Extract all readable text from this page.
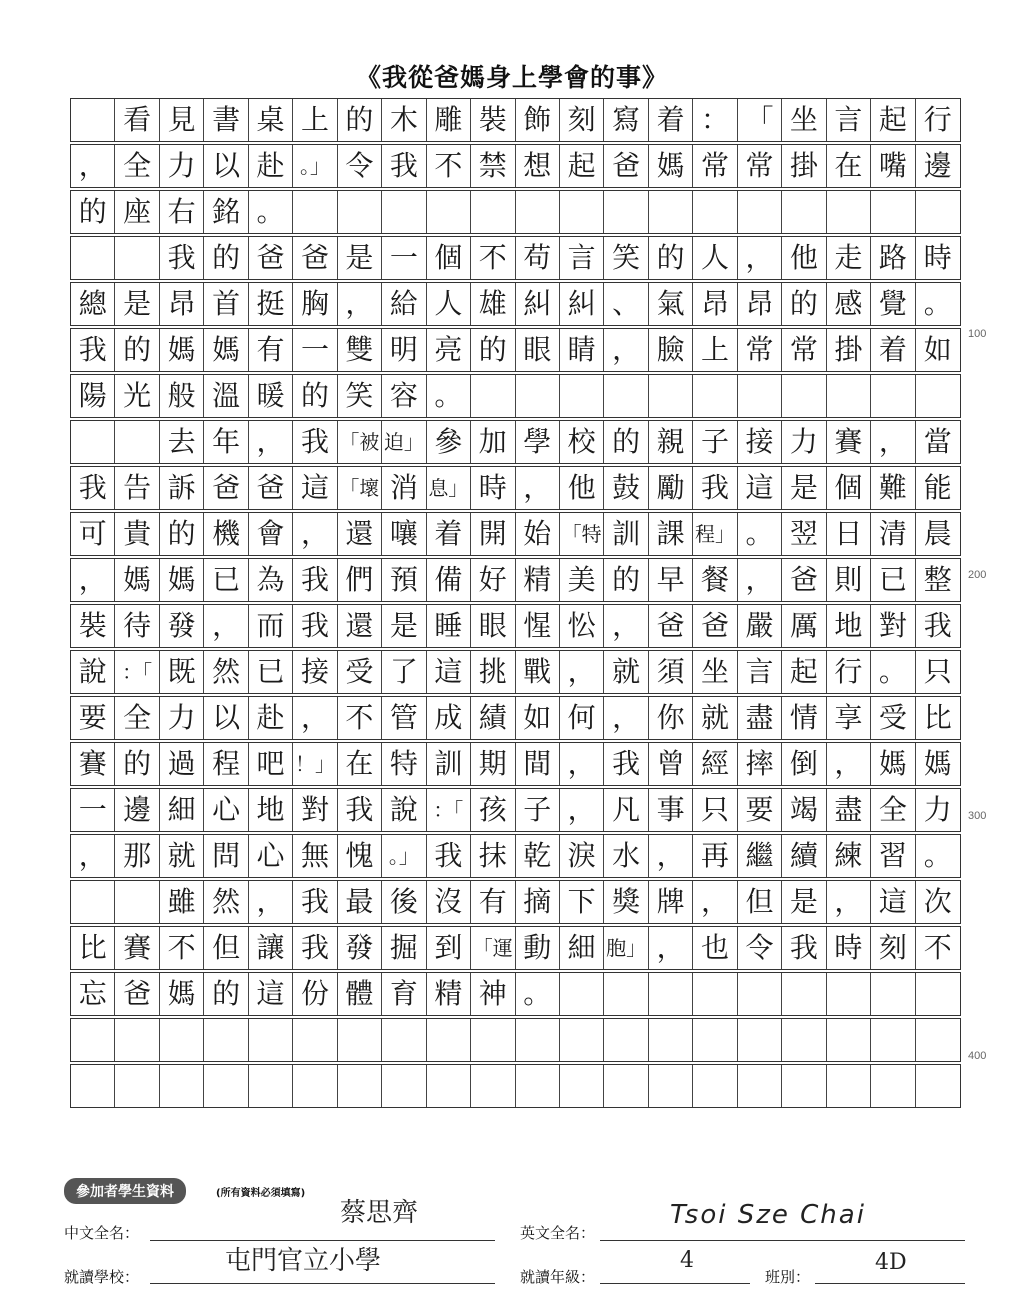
《我從爸媽身上學會的事》
看 見 書 桌 上 的 木 雕 裝 飾 刻 寫 着 ： 「 坐 言 起 行
， 全 力 以 赴 。」 令 我 不 禁 想 起 爸 媽 常 常 掛 在 嘴 邊
的 座 右 銘 。
我 的 爸 爸 是 一 個 不 苟 言 笑 的 人 ， 他 走 路 時
總 是 昂 首 挺 胸 ， 給 人 雄 糾 糾 、 氣 昂 昂 的 感 覺 。
我 的 媽 媽 有 一 雙 明 亮 的 眼 睛 ， 臉 上 常 常 掛 着 如
陽 光 般 溫 暖 的 笑 容 。
去 年 ， 我 「被 迫」 參 加 學 校 的 親 子 接 力 賽 ， 當
我 告 訴 爸 爸 這 「壞 消 息」 時 ， 他 鼓 勵 我 這 是 個 難 能
可 貴 的 機 會 ， 還 嚷 着 開 始 「特 訓 課 程」 。 翌 日 清 晨
， 媽 媽 已 為 我 們 預 備 好 精 美 的 早 餐 ， 爸 則 已 整
裝 待 發 ， 而 我 還 是 睡 眼 惺 忪 ， 爸 爸 嚴 厲 地 對 我
說 ：「 既 然 已 接 受 了 這 挑 戰 ， 就 須 坐 言 起 行 。 只
要 全 力 以 赴 ， 不 管 成 績 如 何 ， 你 就 盡 情 享 受 比
賽 的 過 程 吧 ！」 在 特 訓 期 間 ， 我 曾 經 摔 倒 ， 媽 媽
一 邊 細 心 地 對 我 說 ：「 孩 子 ， 凡 事 只 要 竭 盡 全 力
， 那 就 問 心 無 愧 。」 我 抹 乾 淚 水 ， 再 繼 續 練 習 。
雖 然 ， 我 最 後 沒 有 摘 下 獎 牌 ， 但 是 ， 這 次
比 賽 不 但 讓 我 發 掘 到 「運 動 細 胞」 ， 也 令 我 時 刻 不
忘 爸 媽 的 這 份 體 育 精 神 。
100
200
300
400
參加者學生資料	(所有資料必須填寫)
中文全名：
蔡思齊
英文全名：
Tsoi Sze Chai
就讀學校：
屯門官立小學
就讀年級：
4
班別：
4D
